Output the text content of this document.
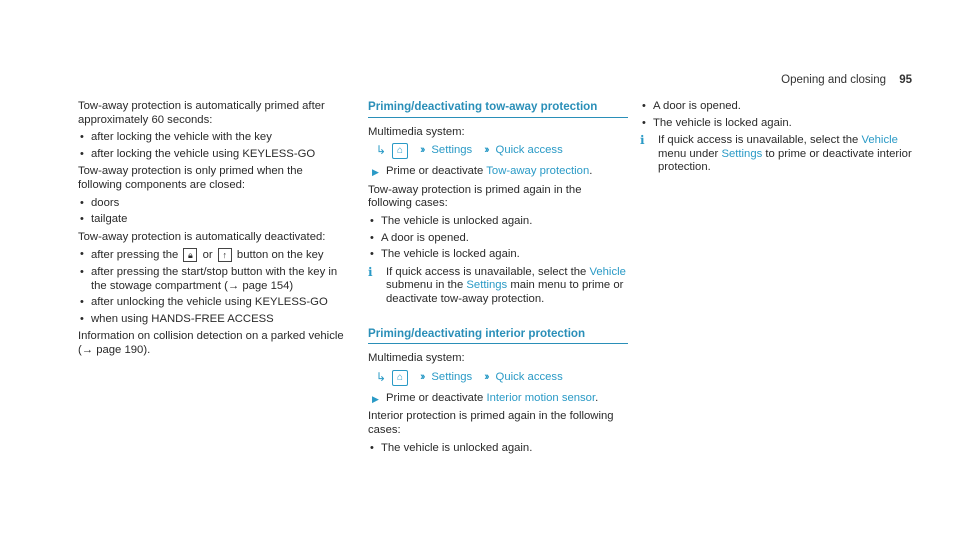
Opening and closing 95

Tow-away protection is automatically primed after approximately 60 seconds:

• after locking the vehicle with the key
• after locking the vehicle using KEYLESS-GO

Tow-away protection is only primed when the following components are closed:

• doors
• tailgate

Tow-away protection is automatically deactivated:

• after pressing the 🔒︎ or ↑ button on the key
• after pressing the start/stop button with the key in the stowage compartment (→ page 154)
• after unlocking the vehicle using KEYLESS-GO
• when using HANDS-FREE ACCESS

Information on collision detection on a parked vehicle (→ page 190).

Priming/deactivating tow-away protection

Multimedia system:

↳	⌂	›› Settings ›› Quick access
▶ Prime or deactivate Tow-away protection.

Tow-away protection is primed again in the following cases:

• The vehicle is unlocked again.
• A door is opened.
• The vehicle is locked again.
ℹ If quick access is unavailable, select the Vehicle submenu in the Settings main menu to prime or deactivate tow-away protection.
Priming/deactivating interior protection

Multimedia system:

↳	⌂	›› Settings ›› Quick access
▶ Prime or deactivate Interior motion sensor.

Interior protection is primed again in the following cases:

• The vehicle is unlocked again.
• A door is opened.
• The vehicle is locked again.
ℹ If quick access is unavailable, select the Vehicle menu under Settings to prime or deactivate interior protection.
